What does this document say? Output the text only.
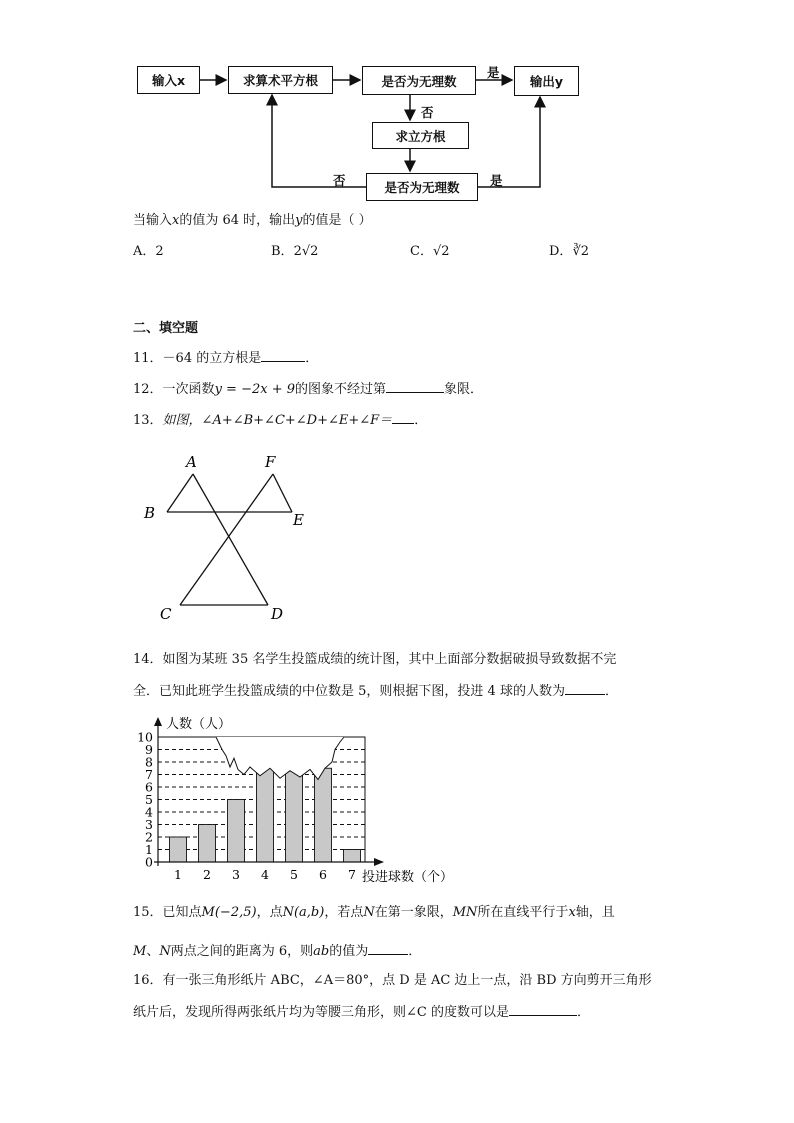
输入x	求算术平方根	是否为无理数	输出y
求立方根
是否为无理数
是
否
否	是
当输入x的值为 64 时，输出y的值是（ ）
A．2	B．2√2	C．√2	D．∛2
二、填空题
11．－64 的立方根是	．
12．一次函数y = −2x + 9的图象不经过第	象限．
13．如图，∠A+∠B+∠C+∠D+∠E+∠F＝ ．
A	F
B	E
C	D
14．如图为某班 35 名学生投篮成绩的统计图，其中上面部分数据破损导致数据不完
全．已知此班学生投篮成绩的中位数是 5，则根据下图，投进 4 球的人数为	．
0
1
2
3
4
5
6
7
8
9
10
1 2 3 4 5 6 7
人数（人）
投进球数（个）
15．已知点M(−2,5)，点N(a,b)，若点N在第一象限，MN所在直线平行于x轴，且
M、N两点之间的距离为 6，则ab的值为	．
16．有一张三角形纸片 ABC，∠A＝80°，点 D 是 AC 边上一点，沿 BD 方向剪开三角形
纸片后，发现所得两张纸片均为等腰三角形，则∠C 的度数可以是	．
